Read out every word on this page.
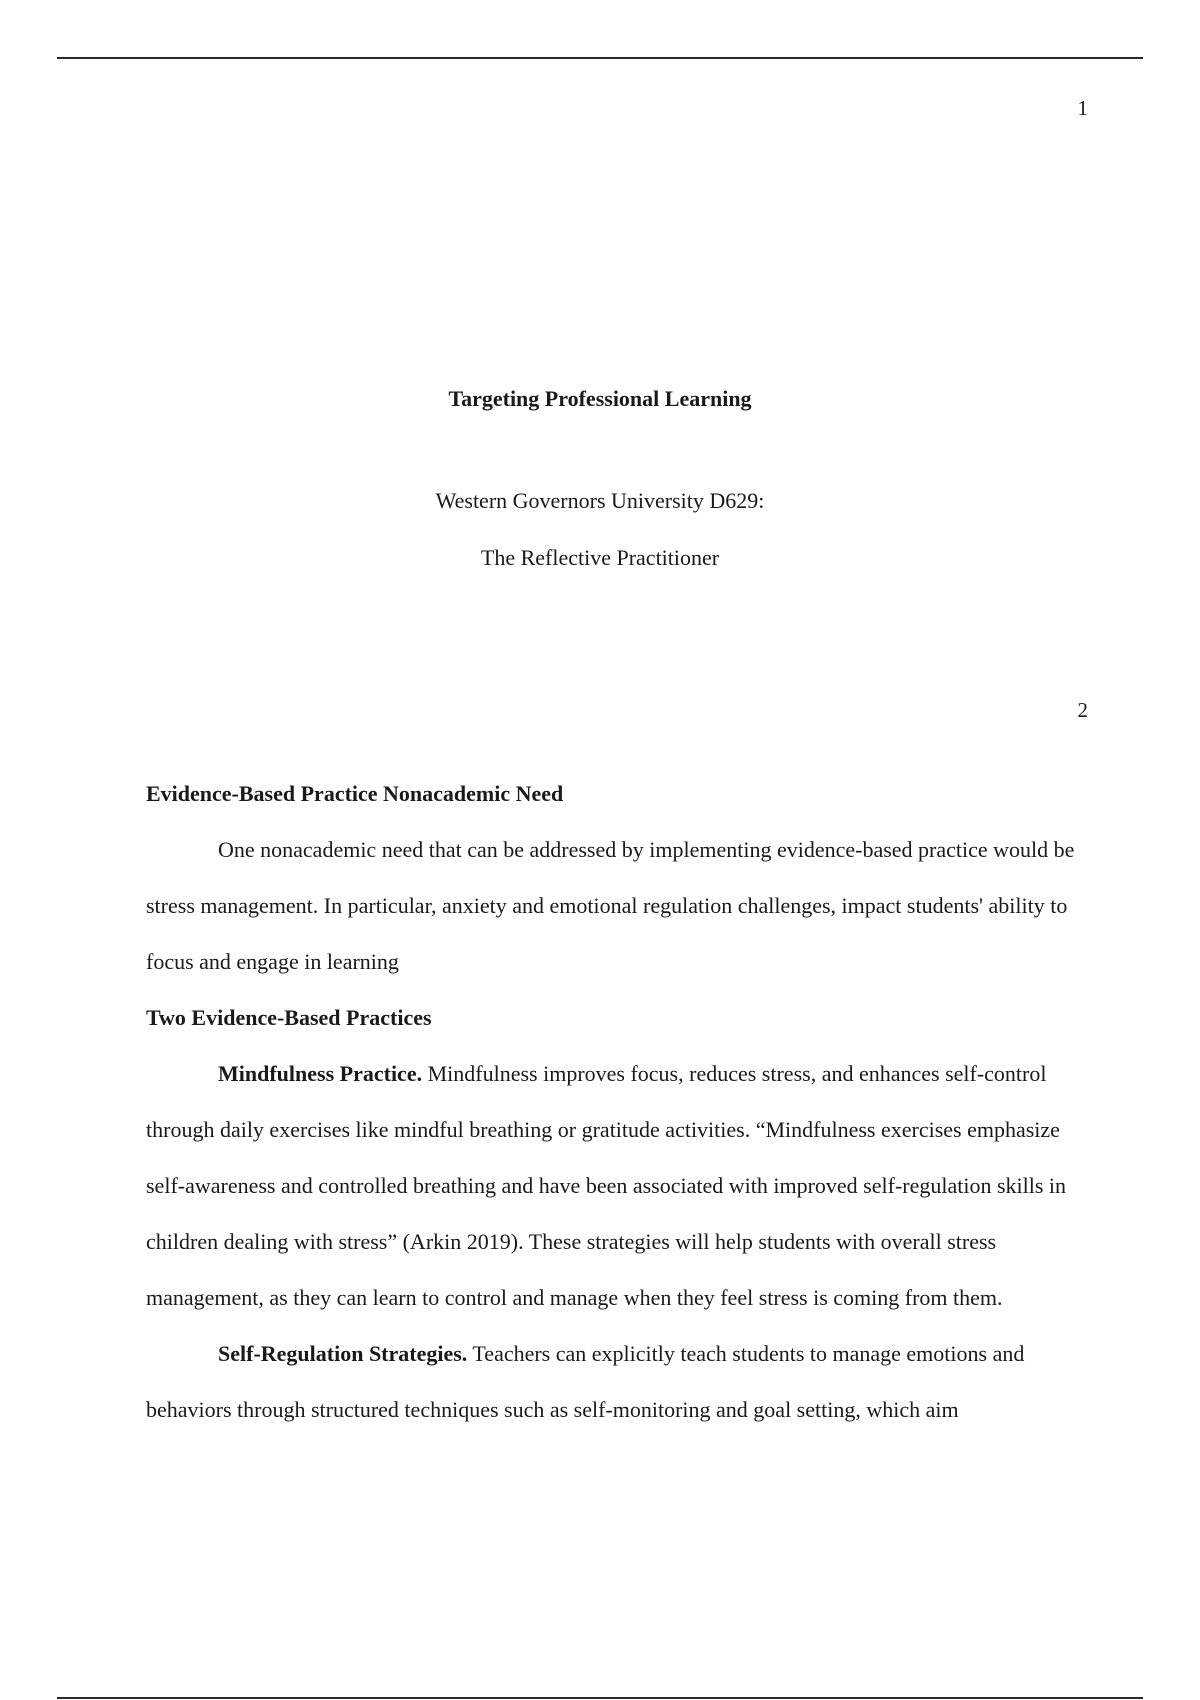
1
Targeting Professional Learning
Western Governors University D629:
The Reflective Practitioner
2

Evidence-Based Practice Nonacademic Need

One nonacademic need that can be addressed by implementing evidence-based practice would be stress management. In particular, anxiety and emotional regulation challenges, impact students' ability to focus and engage in learning

Two Evidence-Based Practices

Mindfulness Practice. Mindfulness improves focus, reduces stress, and enhances self-control through daily exercises like mindful breathing or gratitude activities. “Mindfulness exercises emphasize self-awareness and controlled breathing and have been associated with improved self-regulation skills in children dealing with stress” (Arkin 2019). These strategies will help students with overall stress management, as they can learn to control and manage when they feel stress is coming from them.

Self-Regulation Strategies. Teachers can explicitly teach students to manage emotions and behaviors through structured techniques such as self-monitoring and goal setting, which aim
